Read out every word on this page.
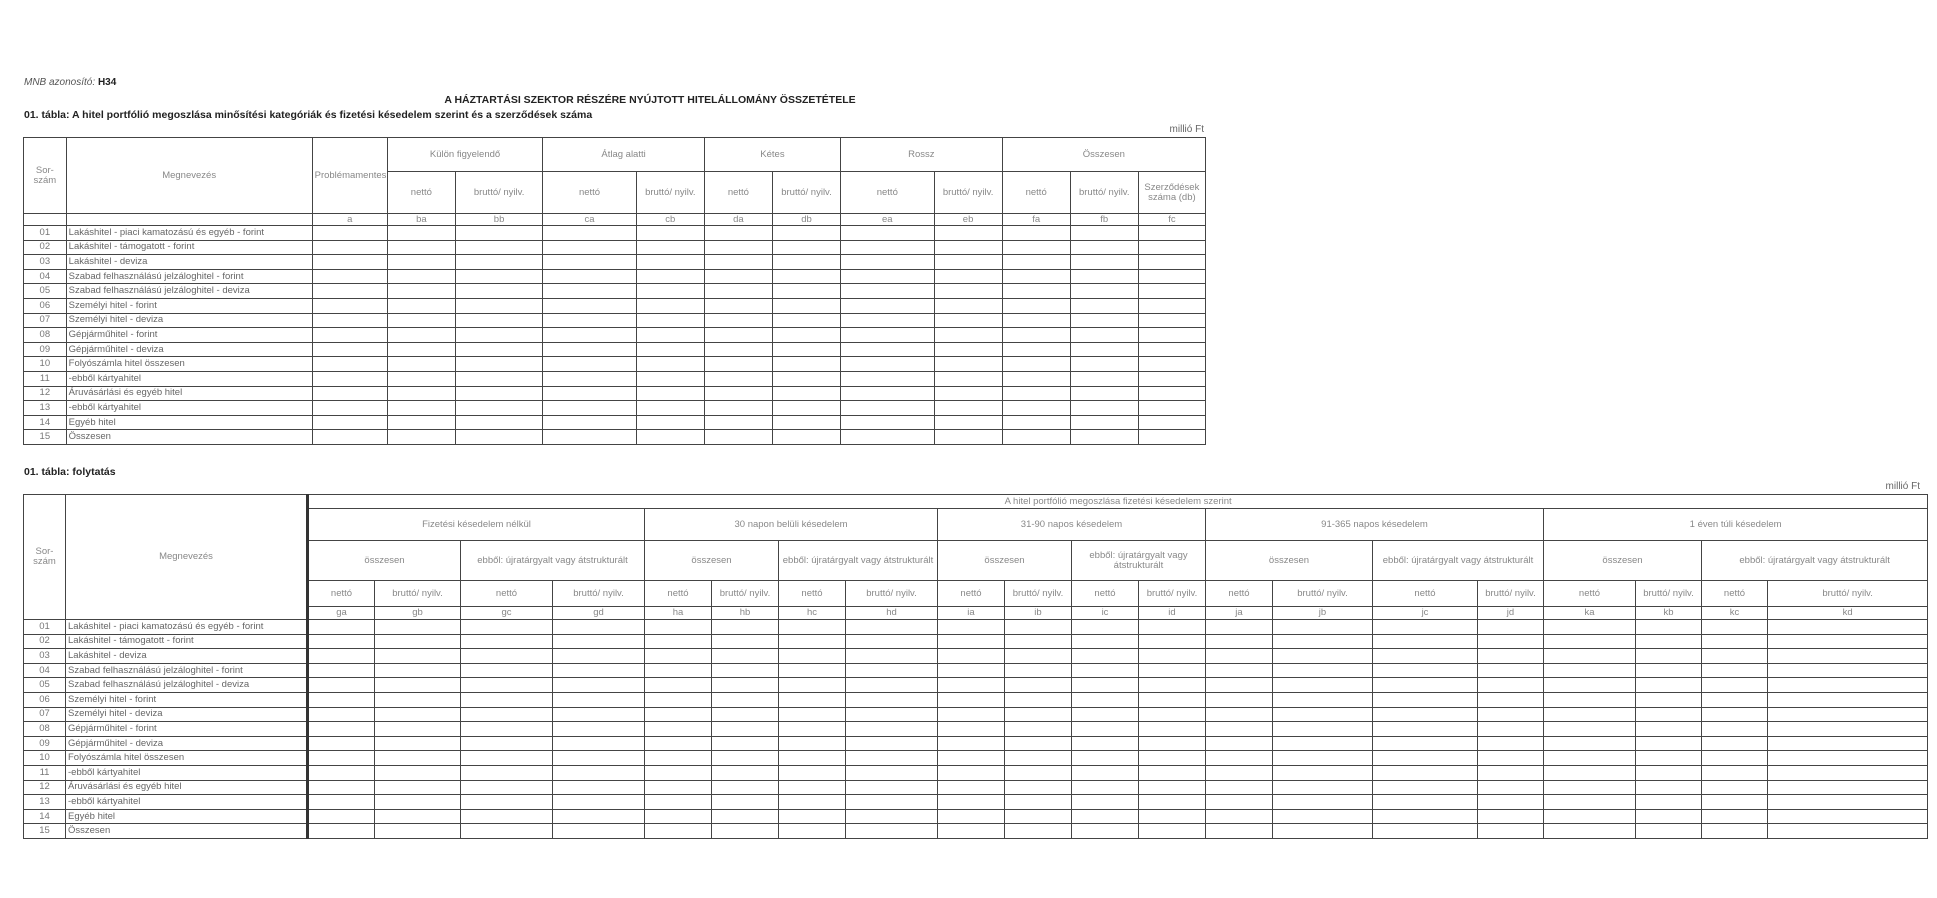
MNB azonosító: H34
A HÁZTARTÁSI SZEKTOR RÉSZÉRE NYÚJTOTT HITELÁLLOMÁNY ÖSSZETÉTELE
01. tábla: A hitel portfólió megoszlása minősítési kategóriák és fizetési késedelem szerint és a szerződések száma
millió Ft
Sor-szám	Megnevezés	Problémamentes	Külön figyelendő		Átlag alatti		Kétes		Rossz		Összesen		
			nettó	bruttó/ nyilv.	nettó	bruttó/ nyilv.	nettó	bruttó/ nyilv.	nettó	bruttó/ nyilv.	nettó	bruttó/ nyilv.	Szerződések száma (db)
		a	ba	bb	ca	cb	da	db	ea	eb	fa	fb	fc
01	Lakáshitel - piaci kamatozású és egyéb - forint												
02	Lakáshitel - támogatott - forint												
03	Lakáshitel - deviza												
04	Szabad felhasználású jelzáloghitel - forint												
05	Szabad felhasználású jelzáloghitel - deviza												
06	Személyi hitel - forint												
07	Személyi hitel - deviza												
08	Gépjárműhitel - forint												
09	Gépjárműhitel - deviza												
10	Folyószámla hitel összesen												
11	-ebből kártyahitel												
12	Áruvásárlási és egyéb hitel												
13	-ebből kártyahitel												
14	Egyéb hitel												
15	Összesen												
01. tábla: folytatás
millió Ft
Sor-szám	Megnevezés	A hitel portfólió megoszlása fizetési késedelem szerint																			
		Fizetési késedelem nélkül				30 napon belüli késedelem				31-90 napos késedelem				91-365 napos késedelem				1 éven túli késedelem			
		összesen		ebből: újratárgyalt vagy átstrukturált		összesen		ebből: újratárgyalt vagy átstrukturált		összesen		ebből: újratárgyalt vagy átstrukturált		összesen		ebből: újratárgyalt vagy átstrukturált		összesen		ebből: újratárgyalt vagy átstrukturált	
		nettó	bruttó/ nyilv.	nettó	bruttó/ nyilv.	nettó	bruttó/ nyilv.	nettó	bruttó/ nyilv.	nettó	bruttó/ nyilv.	nettó	bruttó/ nyilv.	nettó	bruttó/ nyilv.	nettó	bruttó/ nyilv.	nettó	bruttó/ nyilv.	nettó	bruttó/ nyilv.
		ga	gb	gc	gd	ha	hb	hc	hd	ia	ib	ic	id	ja	jb	jc	jd	ka	kb	kc	kd
01	Lakáshitel - piaci kamatozású és egyéb - forint																				
02	Lakáshitel - támogatott - forint																				
03	Lakáshitel - deviza																				
04	Szabad felhasználású jelzáloghitel - forint																				
05	Szabad felhasználású jelzáloghitel - deviza																				
06	Személyi hitel - forint																				
07	Személyi hitel - deviza																				
08	Gépjárműhitel - forint																				
09	Gépjárműhitel - deviza																				
10	Folyószámla hitel összesen																				
11	-ebből kártyahitel																				
12	Áruvásárlási és egyéb hitel																				
13	-ebből kártyahitel																				
14	Egyéb hitel																				
15	Összesen																				
